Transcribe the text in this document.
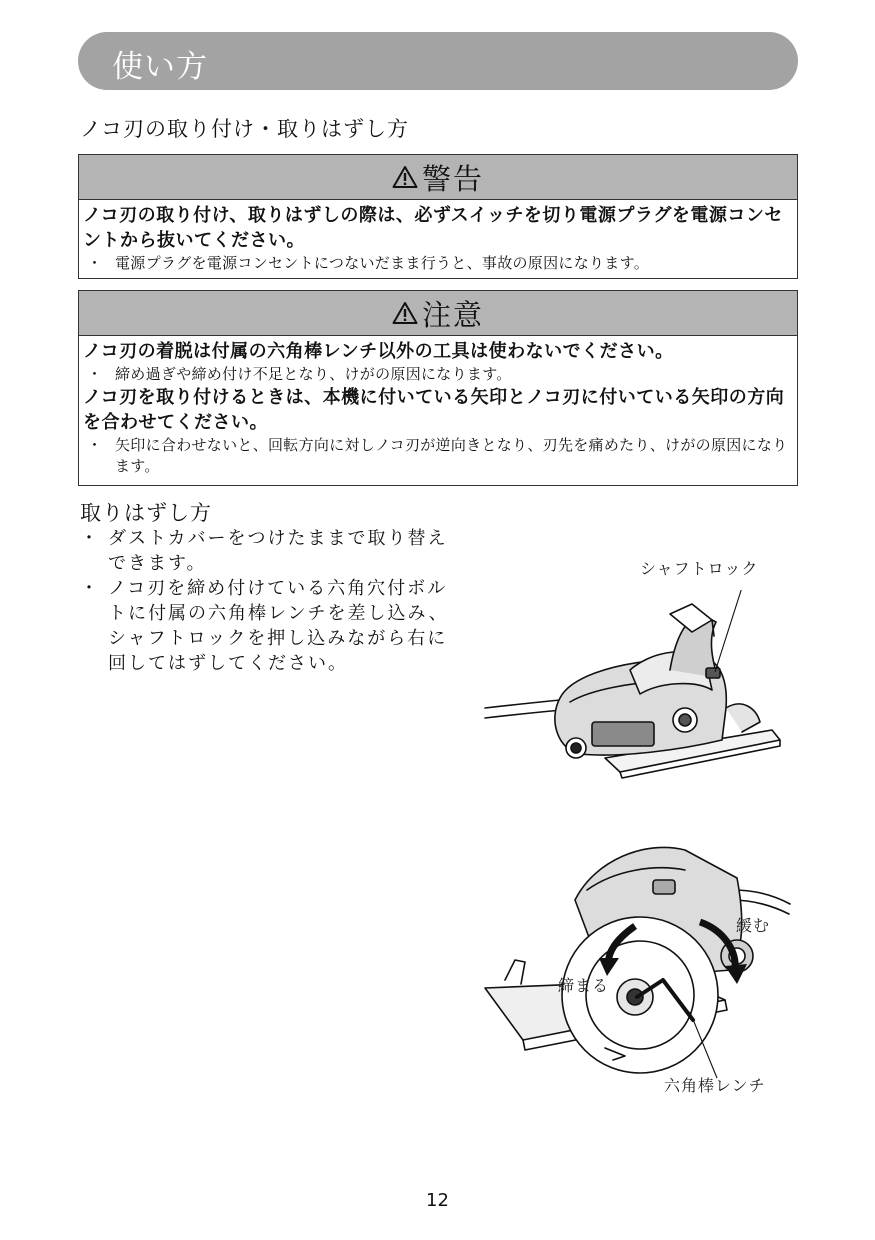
使い方
ノコ刃の取り付け・取りはずし方
警告
ノコ刃の取り付け、取りはずしの際は、必ずスイッチを切り電源プラグを電源コンセントから抜いてください。
・ 電源プラグを電源コンセントにつないだまま行うと、事故の原因になります。
注意
ノコ刃の着脱は付属の六角棒レンチ以外の工具は使わないでください。
・ 締め過ぎや締め付け不足となり、けがの原因になります。
ノコ刃を取り付けるときは、本機に付いている矢印とノコ刃に付いている矢印の方向を合わせてください。
・ 矢印に合わせないと、回転方向に対しノコ刃が逆向きとなり、刃先を痛めたり、けがの原因になります。
取りはずし方
・ ダストカバーをつけたままで取り替えできます。
・ ノコ刃を締め付けている六角穴付ボルトに付属の六角棒レンチを差し込み、シャフトロックを押し込みながら右に回してはずしてください。
シャフトロック
緩む
締まる
六角棒レンチ
12
